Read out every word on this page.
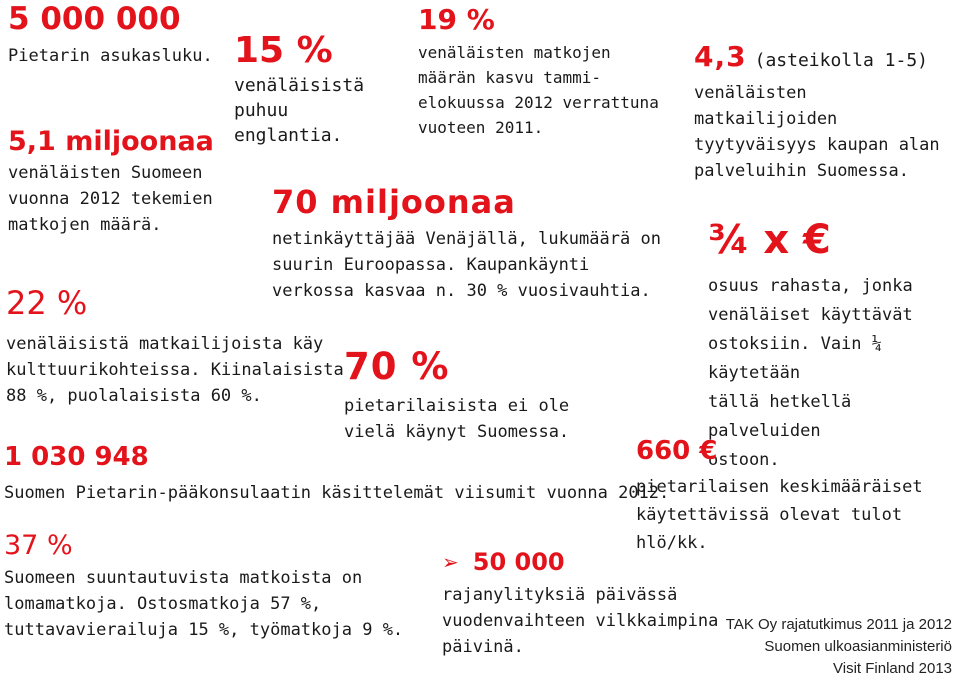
5 000 000
Pietarin asukasluku.
5,1 miljoonaa
venäläisten Suomeen
vuonna 2012 tekemien
matkojen määrä.
22 %
venäläisistä matkailijoista käy
kulttuurikohteissa. Kiinalaisista
88 %, puolalaisista 60 %.
15 %
venäläisistä
puhuu
englantia.
19 %
venäläisten matkojen
määrän kasvu tammi-
elokuussa 2012 verrattuna
vuoteen 2011.
70 miljoonaa
netinkäyttäjää Venäjällä, lukumäärä on
suurin Euroopassa. Kaupankäynti
verkossa kasvaa n. 30 % vuosivauhtia.
70 %
pietarilaisista ei ole
vielä käynyt Suomessa.
1 030 948
Suomen Pietarin-pääkonsulaatin käsittelemät viisumit vuonna 2012.
37 %
Suomeen suuntautuvista matkoista on
lomamatkoja. Ostosmatkoja 57 %,
tuttavavierailuja 15 %, työmatkoja 9 %.
➢ 50 000
rajanylityksiä päivässä
vuodenvaihteen vilkkaimpina
päivinä.
4,3 (asteikolla 1-5)
venäläisten matkailijoiden
tyytyväisyys kaupan alan
palveluihin Suomessa.
¾ x €
osuus rahasta, jonka
venäläiset käyttävät
ostoksiin. Vain ¼ käytetään
tällä hetkellä palveluiden
ostoon.
660 €
pietarilaisen keskimääräiset
käytettävissä olevat tulot hlö/kk.
TAK Oy rajatutkimus 2011 ja 2012
Suomen ulkoasianministeriö
Visit Finland 2013
